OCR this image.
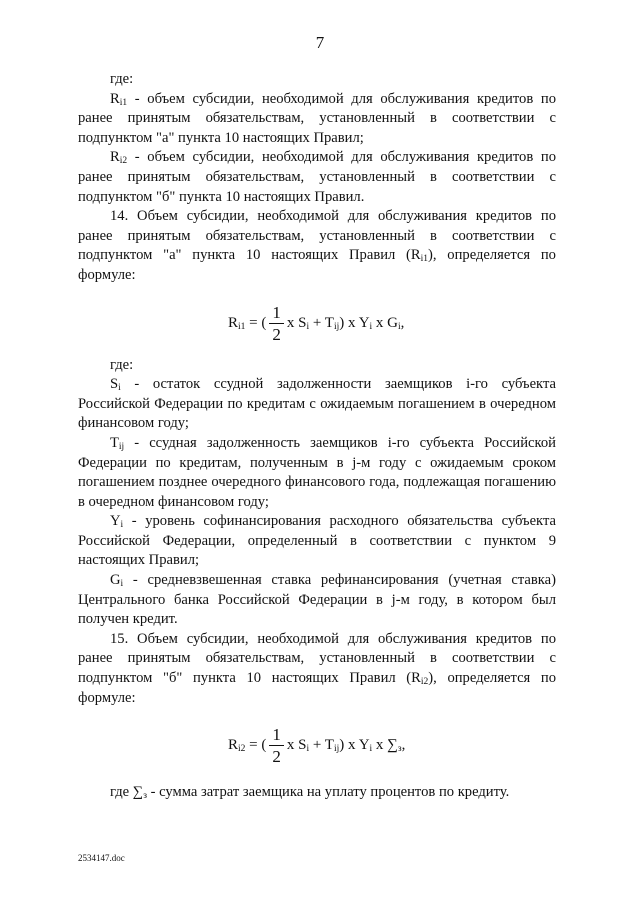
7

где:

$R_{i1}$ - объем субсидии, необходимой для обслуживания кредитов по ранее принятым обязательствам, установленный в соответствии с подпунктом "а" пункта 10 настоящих Правил;

$R_{i2}$ - объем субсидии, необходимой для обслуживания кредитов по ранее принятым обязательствам, установленный в соответствии с подпунктом "б" пункта 10 настоящих Правил.

14. Объем субсидии, необходимой для обслуживания кредитов по ранее принятым обязательствам, установленный в соответствии с подпунктом "а" пункта 10 настоящих Правил $(R_{i1})$, определяется по формуле:

$R_{i1}$ = ( $\frac{1}{2}$ x $S_i + T_{ij}$) x $Y_i$ x $G_i$,

где:

$S_i$ - остаток ссудной задолженности заемщиков i-го субъекта Российской Федерации по кредитам с ожидаемым погашением в очередном финансовом году;

$T_{ij}$ - ссудная задолженность заемщиков i-го субъекта Российской Федерации по кредитам, полученным в j-м году с ожидаемым сроком погашением позднее очередного финансового года, подлежащая погашению в очередном финансовом году;

$Y_i$ - уровень софинансирования расходного обязательства субъекта Российской Федерации, определенный в соответствии с пунктом 9 настоящих Правил;

$G_i$ - средневзвешенная ставка рефинансирования (учетная ставка) Центрального банка Российской Федерации в j-м году, в котором был получен кредит.

15. Объем субсидии, необходимой для обслуживания кредитов по ранее принятым обязательствам, установленный в соответствии с подпунктом "б" пункта 10 настоящих Правил $(R_{i2})$, определяется по формуле:

$R_{i2}$ = ( $\frac{1}{2}$ x $S_i + T_{ij}$) x $Y_i$ x $\sum_з$,

где $\sum_з$ - сумма затрат заемщика на уплату процентов по кредиту.

2534147.doc
